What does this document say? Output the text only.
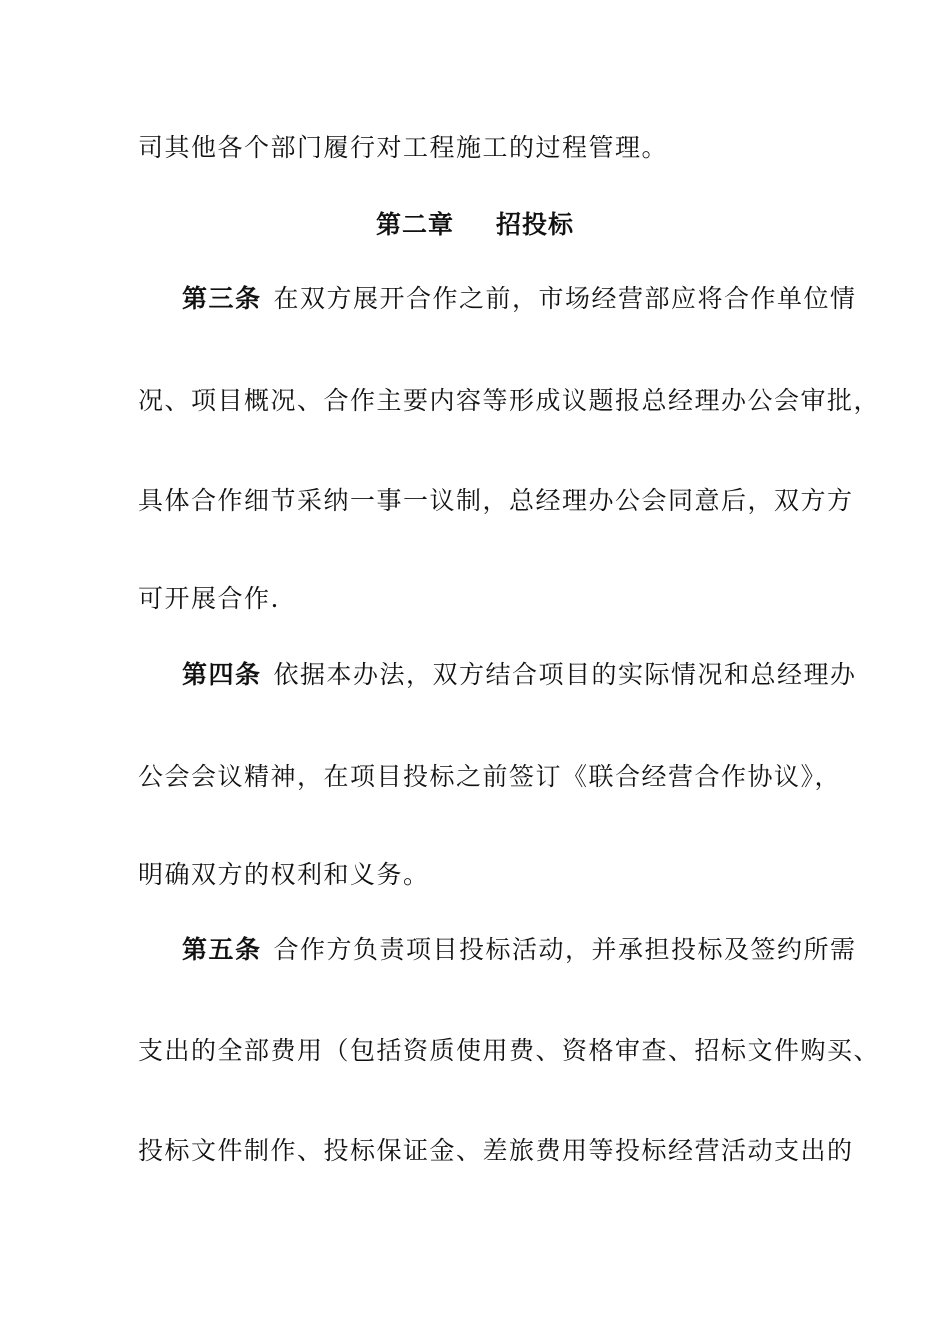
司其他各个部门履行对工程施工的过程管理。
第二章 招投标
第三条 在双方展开合作之前，市场经营部应将合作单位情
况、项目概况、合作主要内容等形成议题报总经理办公会审批，
具体合作细节采纳一事一议制，总经理办公会同意后，双方方
可开展合作.
第四条 依据本办法，双方结合项目的实际情况和总经理办
公会会议精神，在项目投标之前签订《联合经营合作协议》，
明确双方的权利和义务。
第五条 合作方负责项目投标活动，并承担投标及签约所需
支出的全部费用（包括资质使用费、资格审查、招标文件购买、
投标文件制作、投标保证金、差旅费用等投标经营活动支出的
